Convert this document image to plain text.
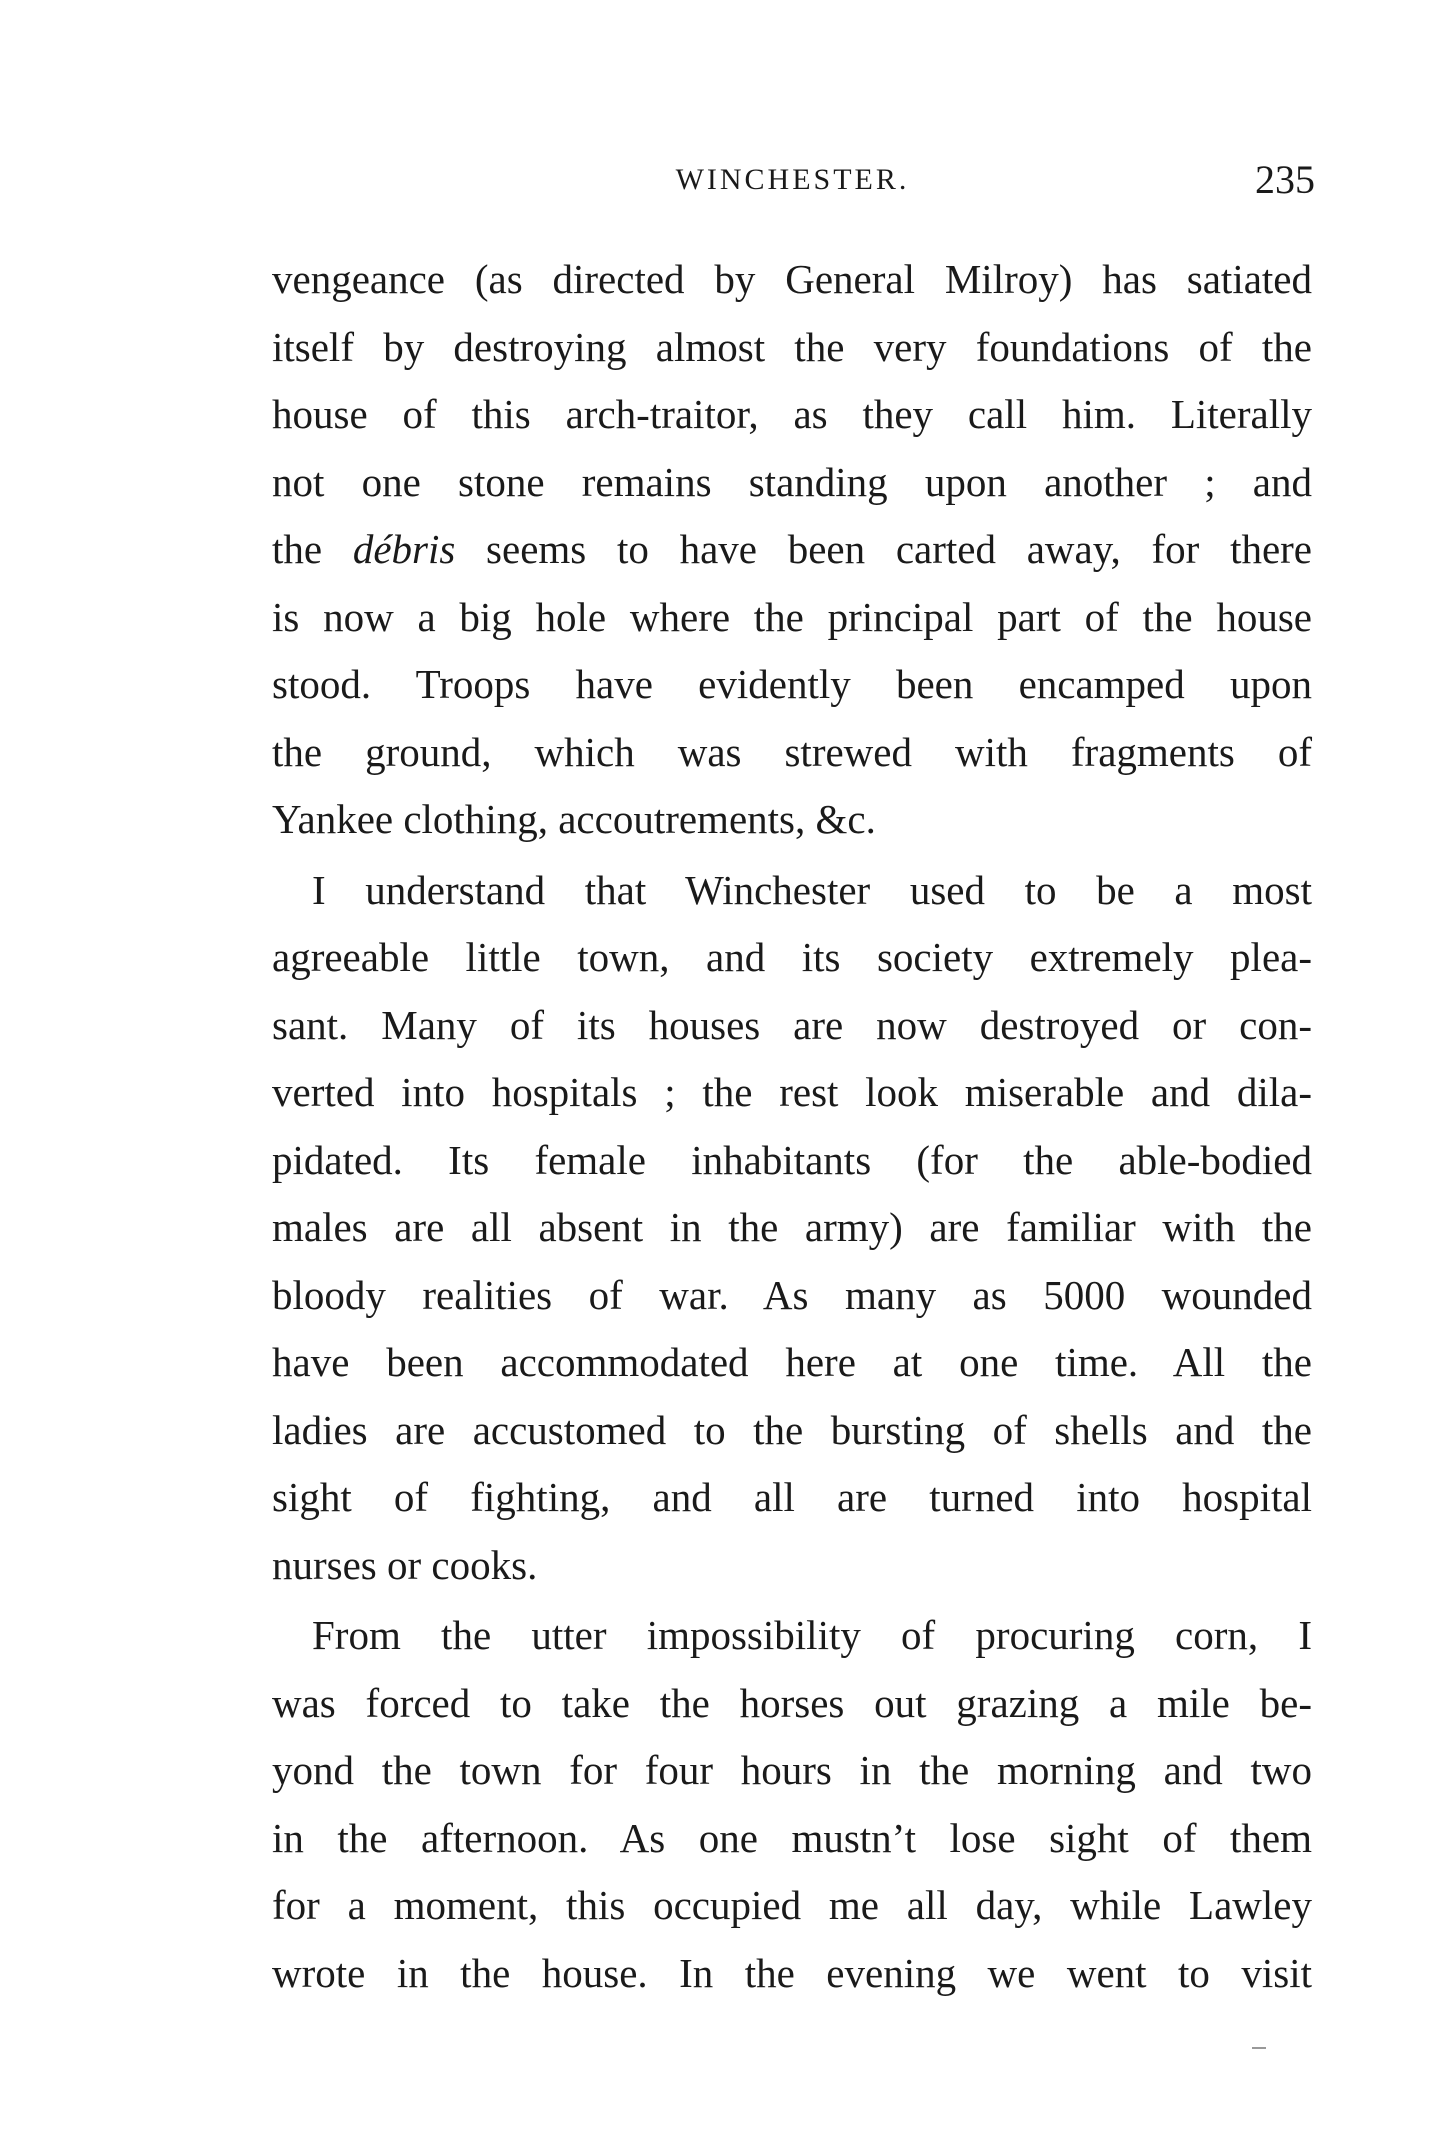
WINCHESTER.	235
vengeance (as directed by General Milroy) has satiated
itself by destroying almost the very foundations of the
house of this arch-traitor, as they call him. Literally
not one stone remains standing upon another ; and
the débris seems to have been carted away, for there
is now a big hole where the principal part of the house
stood. Troops have evidently been encamped upon
the ground, which was strewed with fragments of
Yankee clothing, accoutrements, &c.
I understand that Winchester used to be a most
agreeable little town, and its society extremely plea-
sant. Many of its houses are now destroyed or con-
verted into hospitals ; the rest look miserable and dila-
pidated. Its female inhabitants (for the able-bodied
males are all absent in the army) are familiar with the
bloody realities of war. As many as 5000 wounded
have been accommodated here at one time. All the
ladies are accustomed to the bursting of shells and the
sight of fighting, and all are turned into hospital
nurses or cooks.
From the utter impossibility of procuring corn, I
was forced to take the horses out grazing a mile be-
yond the town for four hours in the morning and two
in the afternoon. As one mustn’t lose sight of them
for a moment, this occupied me all day, while Lawley
wrote in the house. In the evening we went to visit
